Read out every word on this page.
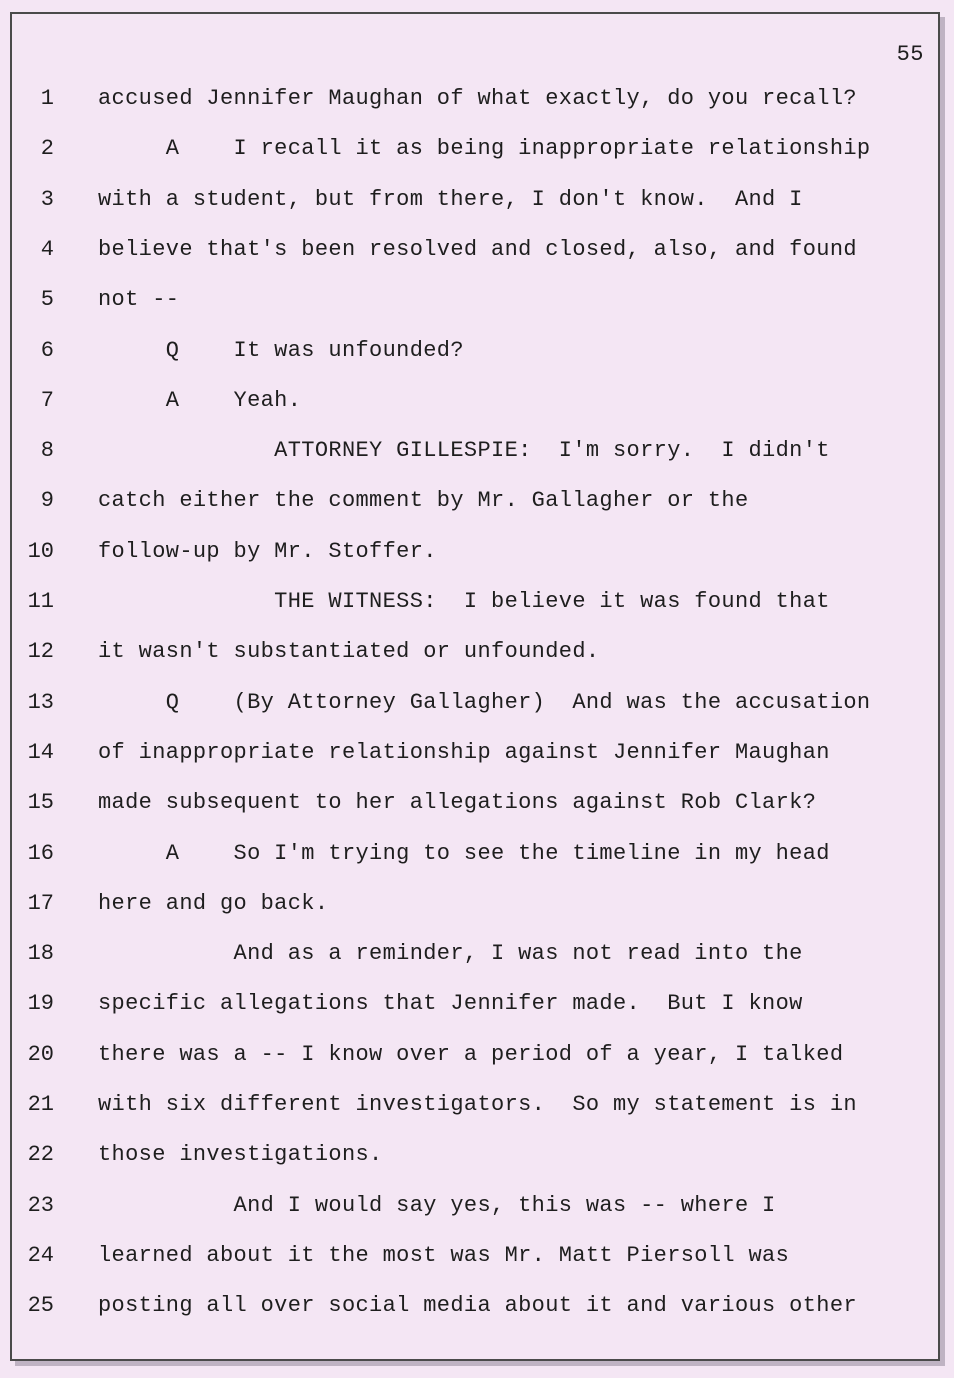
55
1 accused Jennifer Maughan of what exactly, do you recall?
2 A    I recall it as being inappropriate relationship
3 with a student, but from there, I don't know.  And I
4 believe that's been resolved and closed, also, and found
5 not --
6 Q    It was unfounded?
7 A    Yeah.
8 ATTORNEY GILLESPIE:  I'm sorry.  I didn't
9 catch either the comment by Mr. Gallagher or the
10 follow-up by Mr. Stoffer.
11 THE WITNESS:  I believe it was found that
12 it wasn't substantiated or unfounded.
13 Q    (By Attorney Gallagher)  And was the accusation
14 of inappropriate relationship against Jennifer Maughan
15 made subsequent to her allegations against Rob Clark?
16 A    So I'm trying to see the timeline in my head
17 here and go back.
18 And as a reminder, I was not read into the
19 specific allegations that Jennifer made.  But I know
20 there was a -- I know over a period of a year, I talked
21 with six different investigators.  So my statement is in
22 those investigations.
23 And I would say yes, this was -- where I
24 learned about it the most was Mr. Matt Piersoll was
25 posting all over social media about it and various other
